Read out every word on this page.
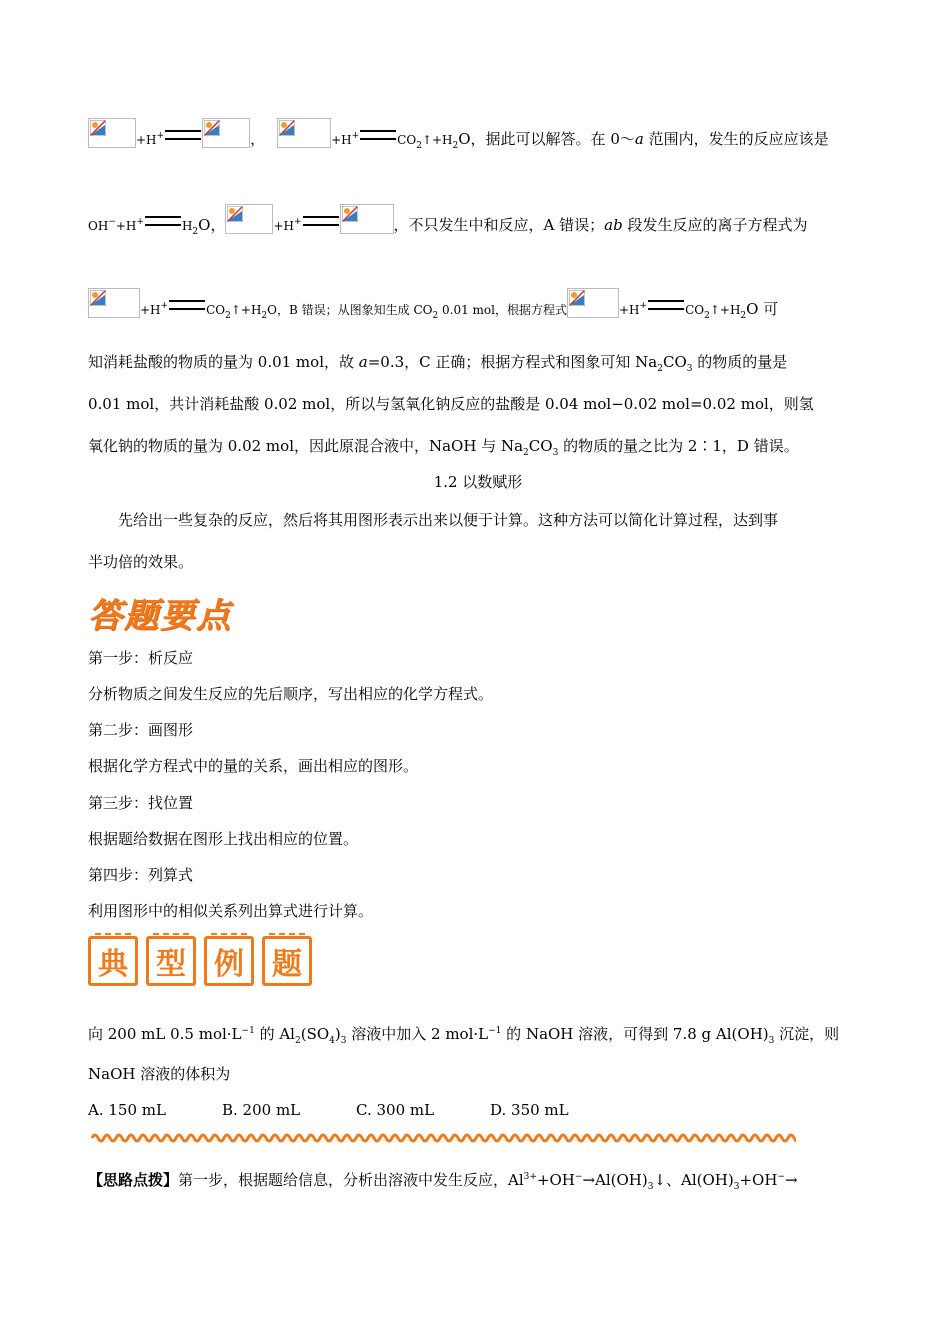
+H+	，	+H+	$CO_2↑+H_2O$，据此可以解答。在 0～a 范围内，发生的反应应该是
OH−+H+	$H_2O$，	+H+	，不只发生中和反应，A 错误；ab 段发生反应的离子方程式为
+H+	$CO_2↑+H_2O$，B 错误；从图象知生成 $CO_2$ 0.01 mol，根据方程式	+H+	$CO_2↑+H_2O$ 可
知消耗盐酸的物质的量为 0.01 mol，故 a=0.3，C 正确；根据方程式和图象可知 $Na_2CO_3$ 的物质的量是
0.01 mol，共计消耗盐酸 0.02 mol，所以与氢氧化钠反应的盐酸是 0.04 mol−0.02 mol=0.02 mol，则氢
氧化钠的物质的量为 0.02 mol，因此原混合液中，NaOH 与 $Na_2CO_3$ 的物质的量之比为 2∶1，D 错误。
1.2 以数赋形
先给出一些复杂的反应，然后将其用图形表示出来以便于计算。这种方法可以简化计算过程，达到事
半功倍的效果。
答题要点
第一步：析反应
分析物质之间发生反应的先后顺序，写出相应的化学方程式。
第二步：画图形
根据化学方程式中的量的关系，画出相应的图形。
第三步：找位置
根据题给数据在图形上找出相应的位置。
第四步：列算式
利用图形中的相似关系列出算式进行计算。
典 型 例 题
向 200 mL 0.5 $mol\cdot L^{-1}$ 的 $Al_2(SO_4)_3$ 溶液中加入 2 $mol\cdot L^{-1}$ 的 NaOH 溶液，可得到 7.8 g $Al(OH)_3$ 沉淀，则
NaOH 溶液的体积为
A. 150 mL	B. 200 mL	C. 300 mL	D. 350 mL
【思路点拨】第一步，根据题给信息，分析出溶液中发生反应，$Al^{3+}+OH^-\to Al(OH)_3↓$、$Al(OH)_3+OH^-\to$
